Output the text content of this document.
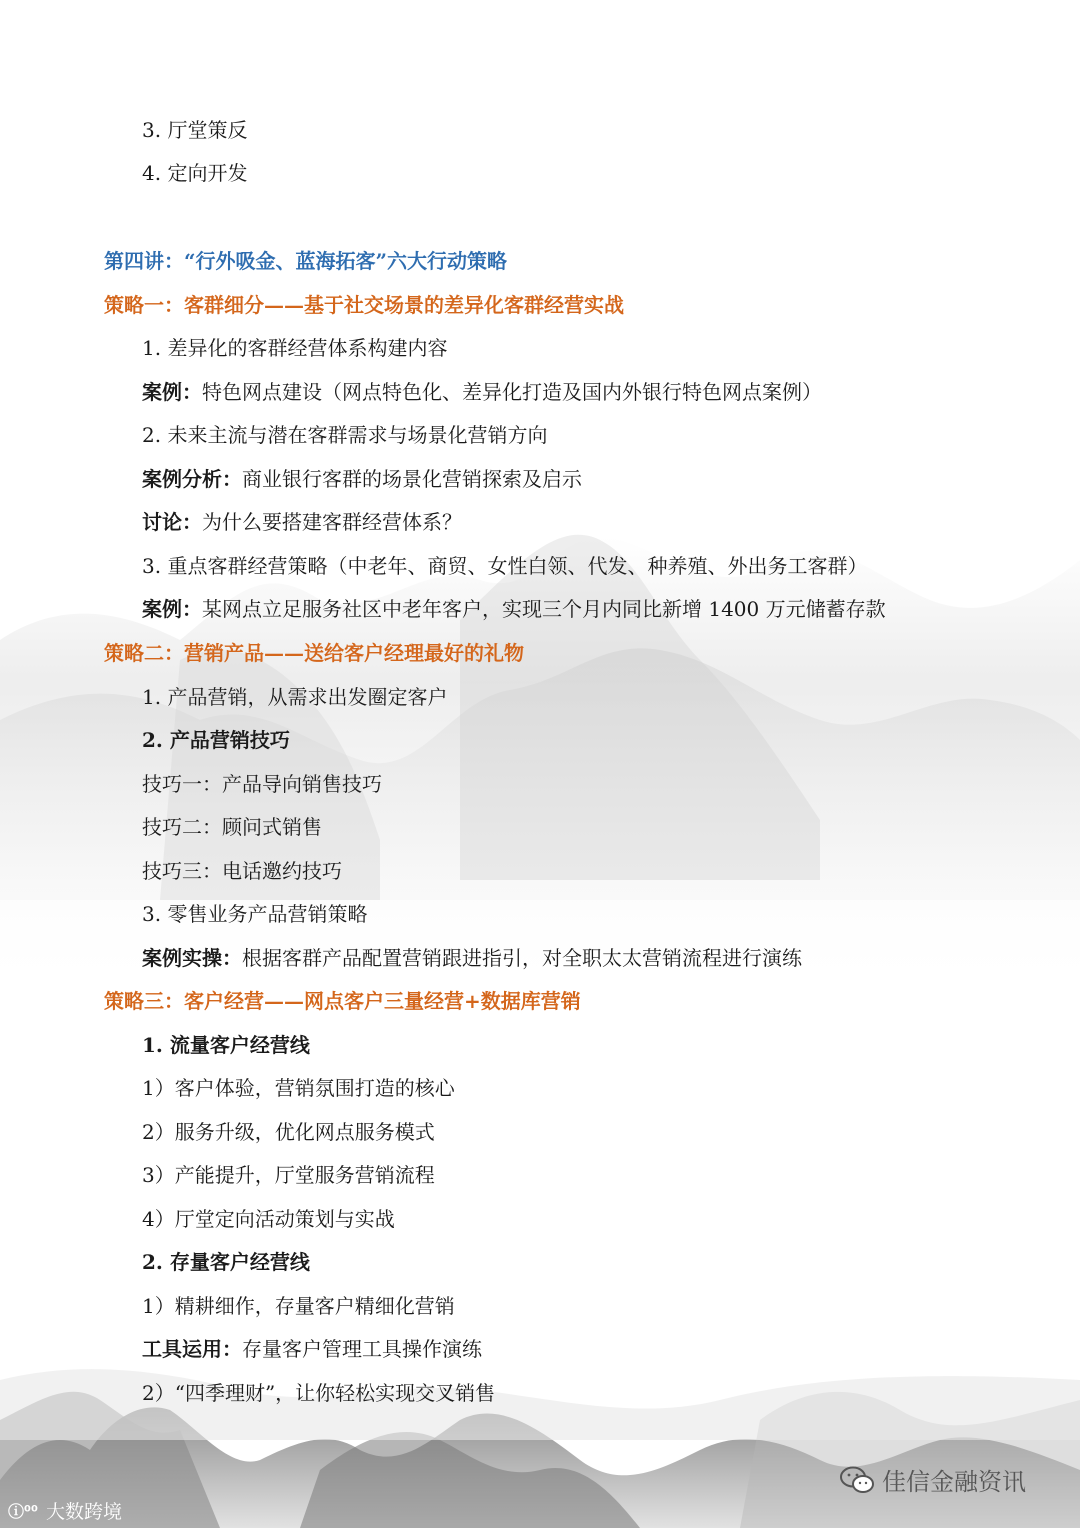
3. 厅堂策反
4. 定向开发
第四讲：“行外吸金、蓝海拓客”六大行动策略
策略一：客群细分——基于社交场景的差异化客群经营实战
1. 差异化的客群经营体系构建内容
案例：特色网点建设（网点特色化、差异化打造及国内外银行特色网点案例）
2. 未来主流与潜在客群需求与场景化营销方向
案例分析：商业银行客群的场景化营销探索及启示
讨论：为什么要搭建客群经营体系？
3. 重点客群经营策略（中老年、商贸、女性白领、代发、种养殖、外出务工客群）
案例：某网点立足服务社区中老年客户，实现三个月内同比新增 1400 万元储蓄存款
策略二：营销产品——送给客户经理最好的礼物
1. 产品营销，从需求出发圈定客户
2. 产品营销技巧
技巧一：产品导向销售技巧
技巧二：顾问式销售
技巧三：电话邀约技巧
3. 零售业务产品营销策略
案例实操：根据客群产品配置营销跟进指引，对全职太太营销流程进行演练
策略三：客户经营——网点客户三量经营+数据库营销
1. 流量客户经营线
1）客户体验，营销氛围打造的核心
2）服务升级，优化网点服务模式
3）产能提升，厅堂服务营销流程
4）厅堂定向活动策划与实战
2. 存量客户经营线
1）精耕细作，存量客户精细化营销
工具运用：存量客户管理工具操作演练
2）“四季理财”，让你轻松实现交叉销售
ⓘ⁰⁰ 大数跨境
佳信金融资讯
